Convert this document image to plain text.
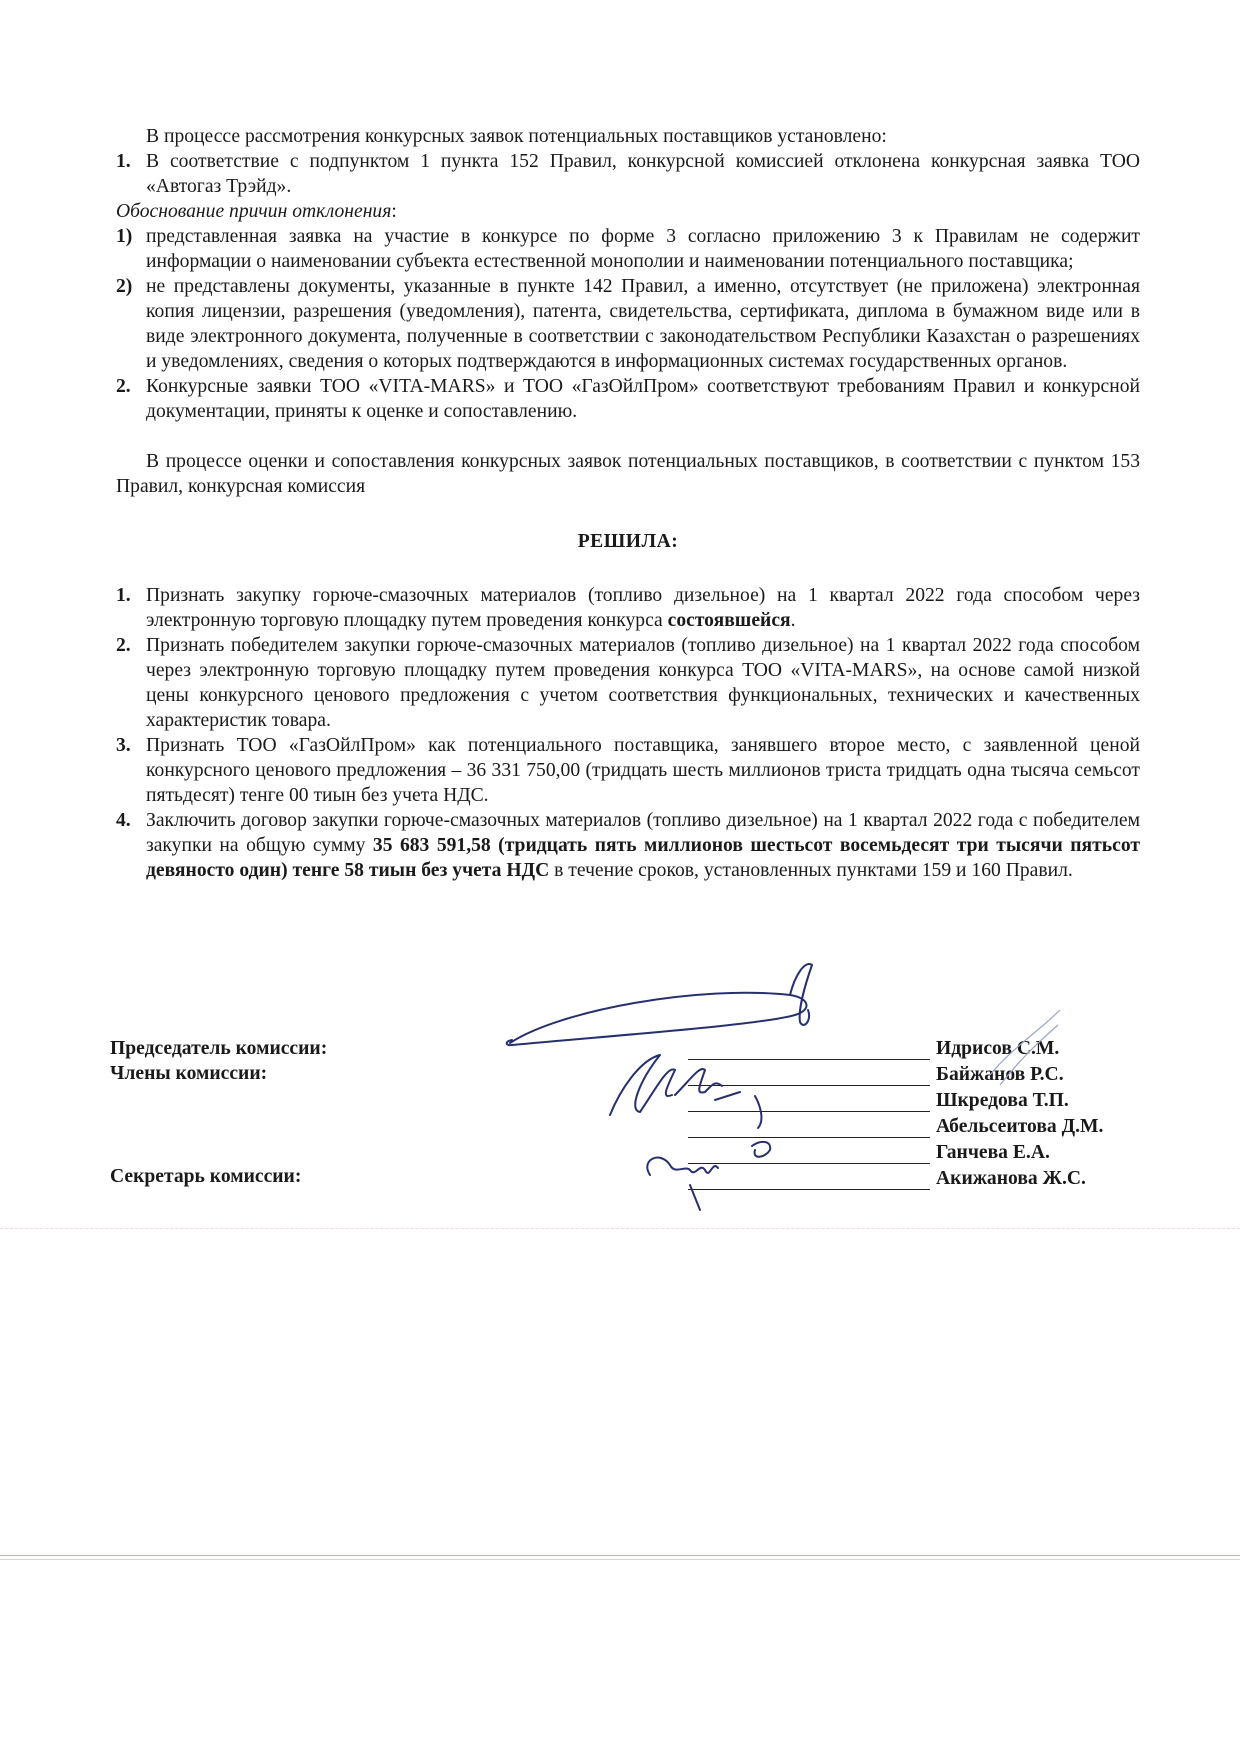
В процессе рассмотрения конкурсных заявок потенциальных поставщиков установлено:

1. В соответствие с подпунктом 1 пункта 152 Правил, конкурсной комиссией отклонена конкурсная заявка ТОО «Автогаз Трэйд».

Обоснование причин отклонения:

1) представленная заявка на участие в конкурсе по форме 3 согласно приложению 3 к Правилам не содержит информации о наименовании субъекта естественной монополии и наименовании потенциального поставщика;
2) не представлены документы, указанные в пункте 142 Правил, а именно, отсутствует (не приложена) электронная копия лицензии, разрешения (уведомления), патента, свидетельства, сертификата, диплома в бумажном виде или в виде электронного документа, полученные в соответствии с законодательством Республики Казахстан о разрешениях и уведомлениях, сведения о которых подтверждаются в информационных системах государственных органов.
2. Конкурсные заявки ТОО «VITA-MARS» и ТОО «ГазОйлПром» соответствуют требованиям Правил и конкурсной документации, приняты к оценке и сопоставлению.

В процессе оценки и сопоставления конкурсных заявок потенциальных поставщиков, в соответствии с пунктом 153 Правил, конкурсная комиссия

РЕШИЛА:

1. Признать закупку горюче-смазочных материалов (топливо дизельное) на 1 квартал 2022 года способом через электронную торговую площадку путем проведения конкурса состоявшейся.
2. Признать победителем закупки горюче-смазочных материалов (топливо дизельное) на 1 квартал 2022 года способом через электронную торговую площадку путем проведения конкурса ТОО «VITA-MARS», на основе самой низкой цены конкурсного ценового предложения с учетом соответствия функциональных, технических и качественных характеристик товара.
3. Признать ТОО «ГазОйлПром» как потенциального поставщика, занявшего второе место, с заявленной ценой конкурсного ценового предложения – 36 331 750,00 (тридцать шесть миллионов триста тридцать одна тысяча семьсот пятьдесят) тенге 00 тиын без учета НДС.
4. Заключить договор закупки горюче-смазочных материалов (топливо дизельное) на 1 квартал 2022 года с победителем закупки на общую сумму 35 683 591,58 (тридцать пять миллионов шестьсот восемьдесят три тысячи пятьсот девяносто один) тенге 58 тиын без учета НДС в течение сроков, установленных пунктами 159 и 160 Правил.
Председатель комиссии:
Члены комиссии:
Секретарь комиссии:
Идрисов С.М.
Байжанов Р.С.
Шкредова Т.П.
Абельсеитова Д.М.
Ганчева Е.А.
Акижанова Ж.С.
